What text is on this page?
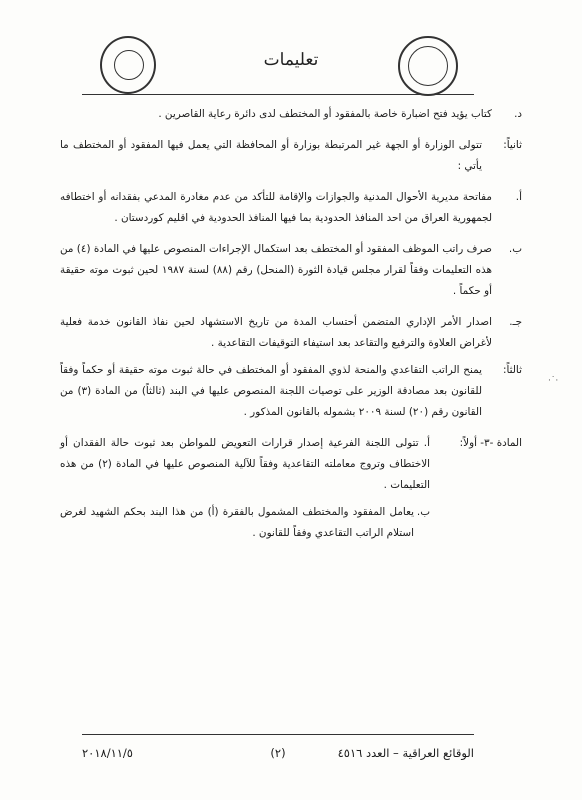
تعليمات
د.
كتاب يؤيد فتح اضبارة خاصة بالمفقود أو المختطف لدى دائرة رعاية القاصرين .
ثانياً:
تتولى الوزارة أو الجهة غير المرتبطة بوزارة أو المحافظة التي يعمل فيها المفقود أو المختطف ما يأتي :
أ.
مفاتحة مديرية الأحوال المدنية والجوازات والإقامة للتأكد من عدم مغادرة المدعي بفقدانه أو اختطافه لجمهورية العراق من احد المنافذ الحدودية بما فيها المنافذ الحدودية في اقليم كوردستان .
ب.
صرف راتب الموظف المفقود أو المختطف بعد استكمال الإجراءات المنصوص عليها في المادة (٤) من هذه التعليمات وفقاً لقرار مجلس قيادة الثورة (المنحل) رقم (٨٨) لسنة ١٩٨٧ لحين ثبوت موته حقيقة أو حكماً .
جـ.
اصدار الأمر الإداري المتضمن أحتساب المدة من تاريخ الاستشهاد لحين نفاذ القانون خدمة فعلية لأغراض العلاوة والترفيع والتقاعد بعد استيفاء التوقيفات التقاعدية .
ثالثاً:
يمنح الراتب التقاعدي والمنحة لذوي المفقود أو المختطف في حالة ثبوت موته حقيقة أو حكماً وفقاً للقانون بعد مصادقة الوزير على توصيات اللجنة المنصوص عليها في البند (ثالثاً) من المادة (٣) من القانون رقم (٢٠) لسنة ٢٠٠٩ بشموله بالقانون المذكور .
المادة -٣- أولاً:
أ. تتولى اللجنة الفرعية إصدار قرارات التعويض للمواطن بعد ثبوت حالة الفقدان أو الاختطاف وتروج معاملته التقاعدية وفقاً للآلية المنصوص عليها في المادة (٢) من هذه التعليمات .
ب.
يعامل المفقود والمختطف المشمول بالفقرة (أ) من هذا البند بحكم الشهيد لغرض استلام الراتب التقاعدي وفقاً للقانون .
·˙·
الوقائع العراقية – العدد ٤٥١٦
(٢)
٢٠١٨/١١/٥
